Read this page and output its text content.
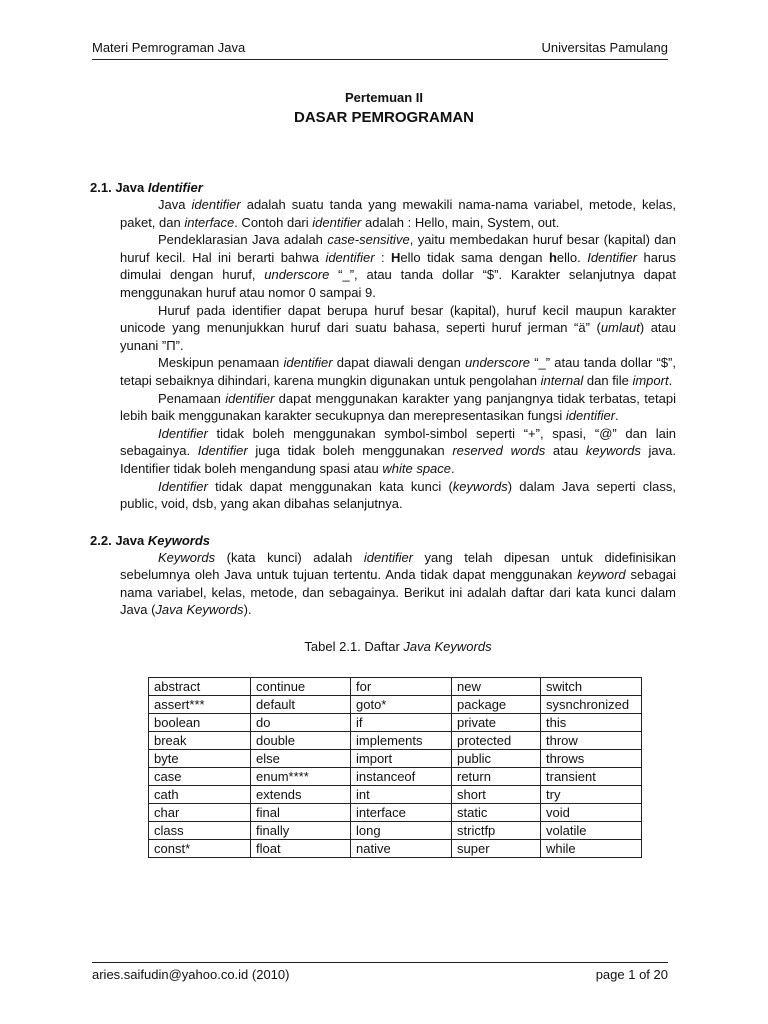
Materi Pemrograman Java	Universitas Pamulang

Pertemuan II

DASAR PEMROGRAMAN

2.1. Java Identifier

Java identifier adalah suatu tanda yang mewakili nama-nama variabel, metode, kelas, paket, dan interface. Contoh dari identifier adalah : Hello, main, System, out.

Pendeklarasian Java adalah case-sensitive, yaitu membedakan huruf besar (kapital) dan huruf kecil. Hal ini berarti bahwa identifier : Hello tidak sama dengan hello. Identifier harus dimulai dengan huruf, underscore “_”, atau tanda dollar “$”. Karakter selanjutnya dapat menggunakan huruf atau nomor 0 sampai 9.

Huruf pada identifier dapat berupa huruf besar (kapital), huruf kecil maupun karakter unicode yang menunjukkan huruf dari suatu bahasa, seperti huruf jerman “ä” (umlaut) atau yunani ”Π”.

Meskipun penamaan identifier dapat diawali dengan underscore “_” atau tanda dollar “$”, tetapi sebaiknya dihindari, karena mungkin digunakan untuk pengolahan internal dan file import.

Penamaan identifier dapat menggunakan karakter yang panjangnya tidak terbatas, tetapi lebih baik menggunakan karakter secukupnya dan merepresentasikan fungsi identifier.

Identifier tidak boleh menggunakan symbol-simbol seperti “+”, spasi, “@” dan lain sebagainya. Identifier juga tidak boleh menggunakan reserved words atau keywords java. Identifier tidak boleh mengandung spasi atau white space.

Identifier tidak dapat menggunakan kata kunci (keywords) dalam Java seperti class, public, void, dsb, yang akan dibahas selanjutnya.

2.2. Java Keywords

Keywords (kata kunci) adalah identifier yang telah dipesan untuk didefinisikan sebelumnya oleh Java untuk tujuan tertentu. Anda tidak dapat menggunakan keyword sebagai nama variabel, kelas, metode, dan sebagainya. Berikut ini adalah daftar dari kata kunci dalam Java (Java Keywords).

Tabel 2.1. Daftar Java Keywords

abstract	continue	for	new	switch
assert***	default	goto*	package	sysnchronized
boolean	do	if	private	this
break	double	implements	protected	throw
byte	else	import	public	throws
case	enum****	instanceof	return	transient
cath	extends	int	short	try
char	final	interface	static	void
class	finally	long	strictfp	volatile
const*	float	native	super	while
aries.saifudin@yahoo.co.id (2010)	page 1 of 20
